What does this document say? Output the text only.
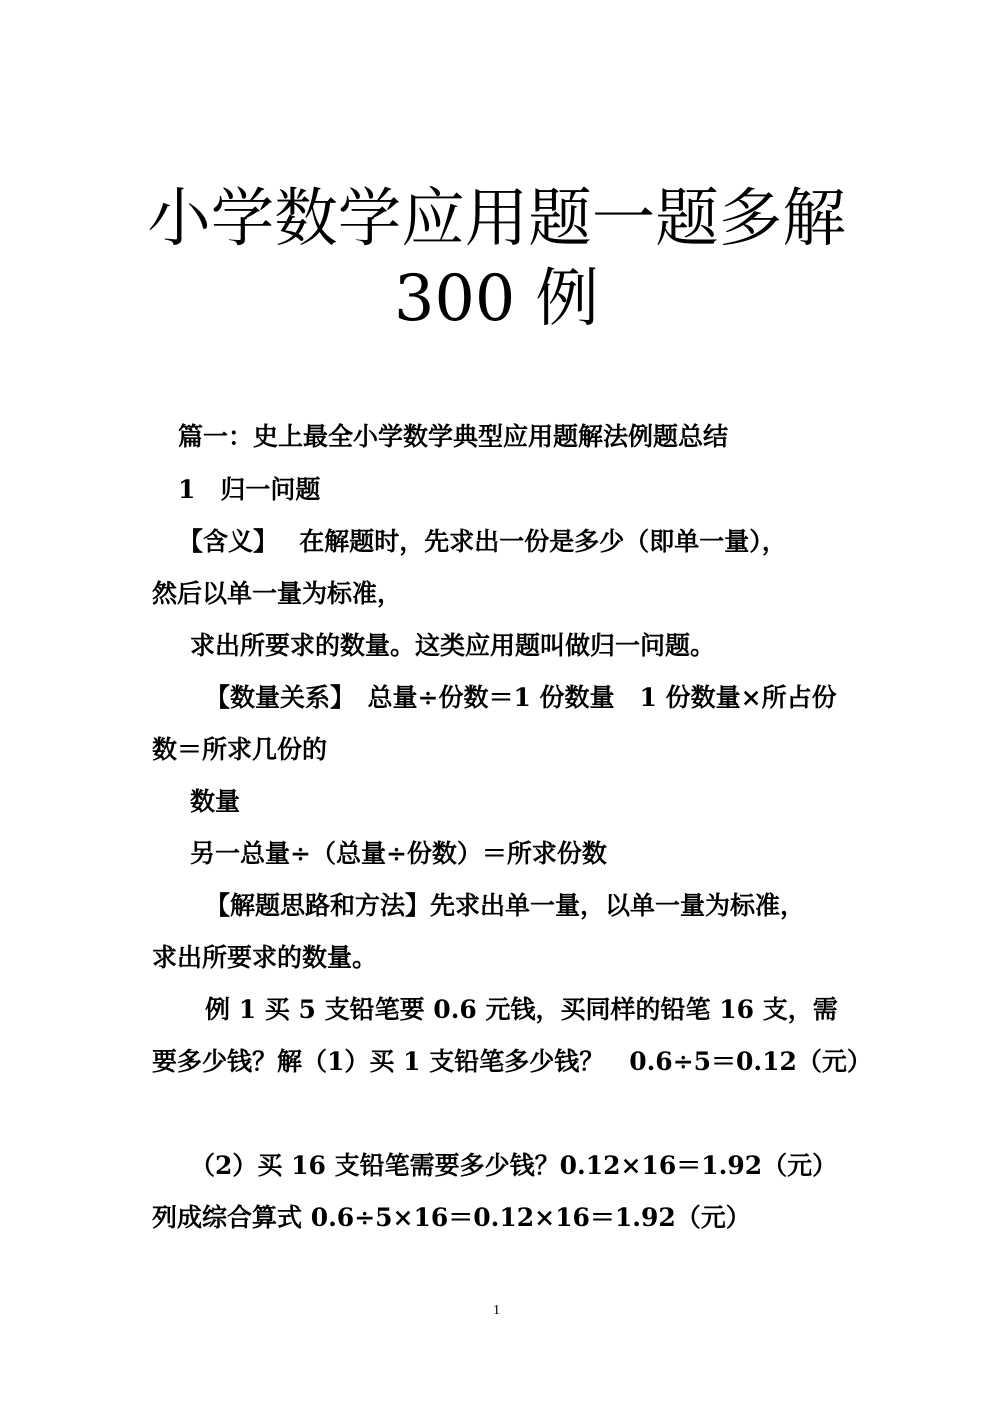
小学数学应用题一题多解
300 例
篇一：史上最全小学数学典型应用题解法例题总结
1　归一问题
【含义】　 在解题时，先求出一份是多少（即单一量），
然后以单一量为标准，
求出所要求的数量。这类应用题叫做归一问题。
【数量关系】　总量÷份数＝1 份数量　1 份数量×所占份
数＝所求几份的
数量
另一总量÷（总量÷份数）＝所求份数
【解题思路和方法】先求出单一量，以单一量为标准，
求出所要求的数量。
例 1 买 5 支铅笔要 0.6 元钱，买同样的铅笔 16 支，需
要多少钱？解（1）买 1 支铅笔多少钱？　0.6÷5＝0.12（元）
（2）买 16 支铅笔需要多少钱？0.12×16＝1.92（元）
列成综合算式 0.6÷5×16＝0.12×16＝1.92（元）
1
